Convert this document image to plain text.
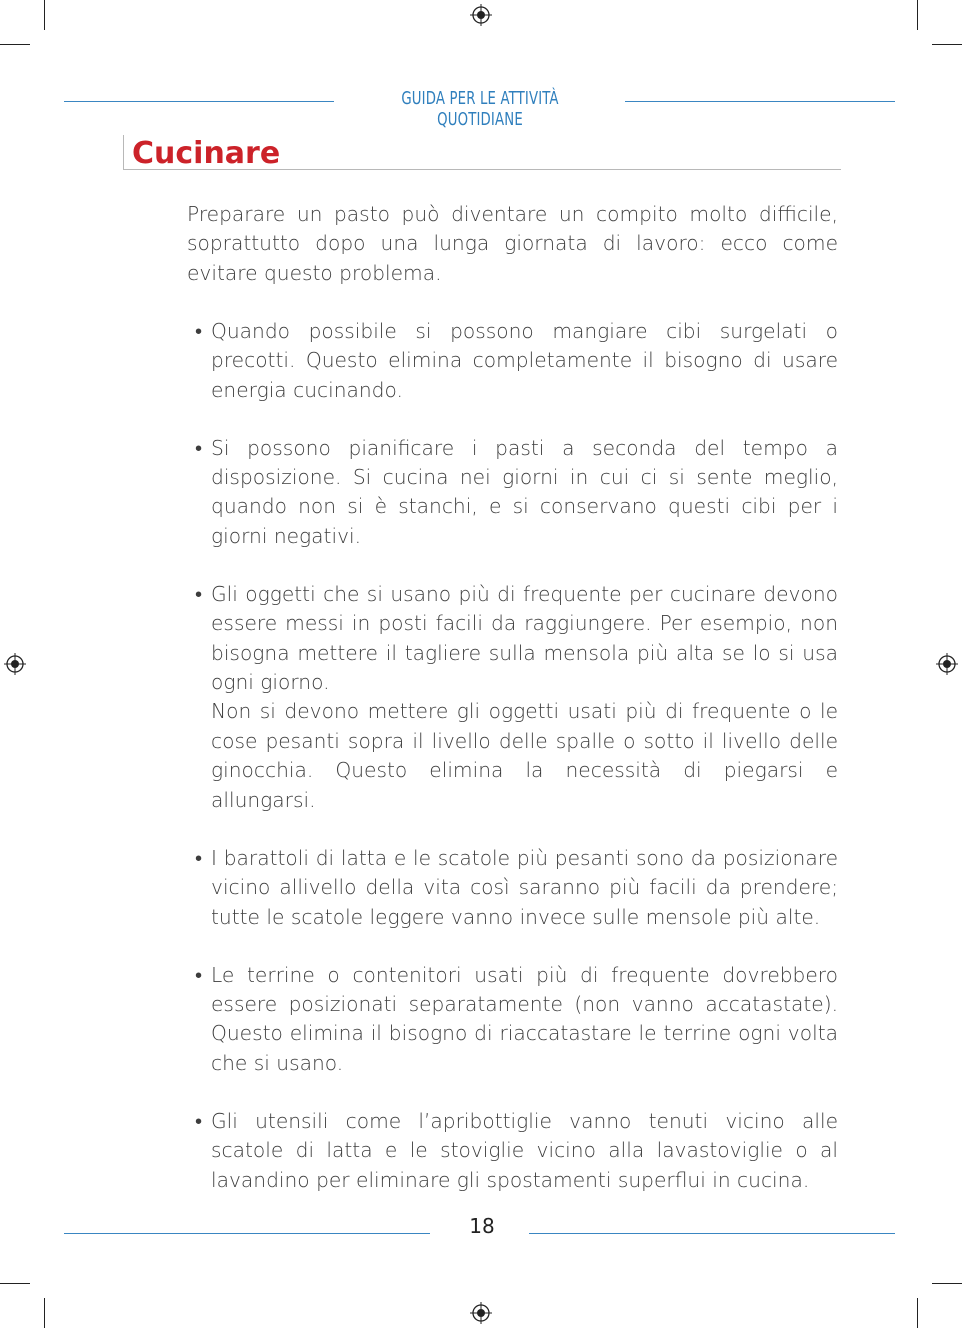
GUIDA PER LE ATTIVITÀ QUOTIDIANE
Cucinare

Preparare un pasto può diventare un compito molto difficile, soprattutto dopo una lunga giornata di lavoro: ecco come evitare questo problema.

• Quando possibile si possono mangiare cibi surgelati o precotti. Questo elimina completamente il bisogno di usare energia cucinando.

• Si possono pianificare i pasti a seconda del tempo a disposizione. Si cucina nei giorni in cui ci si sente meglio, quando non si è stanchi, e si conservano questi cibi per i giorni negativi.

• Gli oggetti che si usano più di frequente per cucinare devono essere messi in posti facili da raggiungere. Per esempio, non bisogna mettere il tagliere sulla mensola più alta se lo si usa ogni giorno.

Non si devono mettere gli oggetti usati più di frequente o le cose pesanti sopra il livello delle spalle o sotto il livello delle ginocchia. Questo elimina la necessità di piegarsi e allungarsi.

• I barattoli di latta e le scatole più pesanti sono da posizionare vicino allivello della vita così saranno più facili da prendere; tutte le scatole leggere vanno invece sulle mensole più alte.

• Le terrine o contenitori usati più di frequente dovrebbero essere posizionati separatamente (non vanno accatastate). Questo elimina il bisogno di riaccatastare le terrine ogni volta che si usano.

• Gli utensili come l’apribottiglie vanno tenuti vicino alle scatole di latta e le stoviglie vicino alla lavastoviglie o al lavandino per eliminare gli spostamenti superflui in cucina.

18
